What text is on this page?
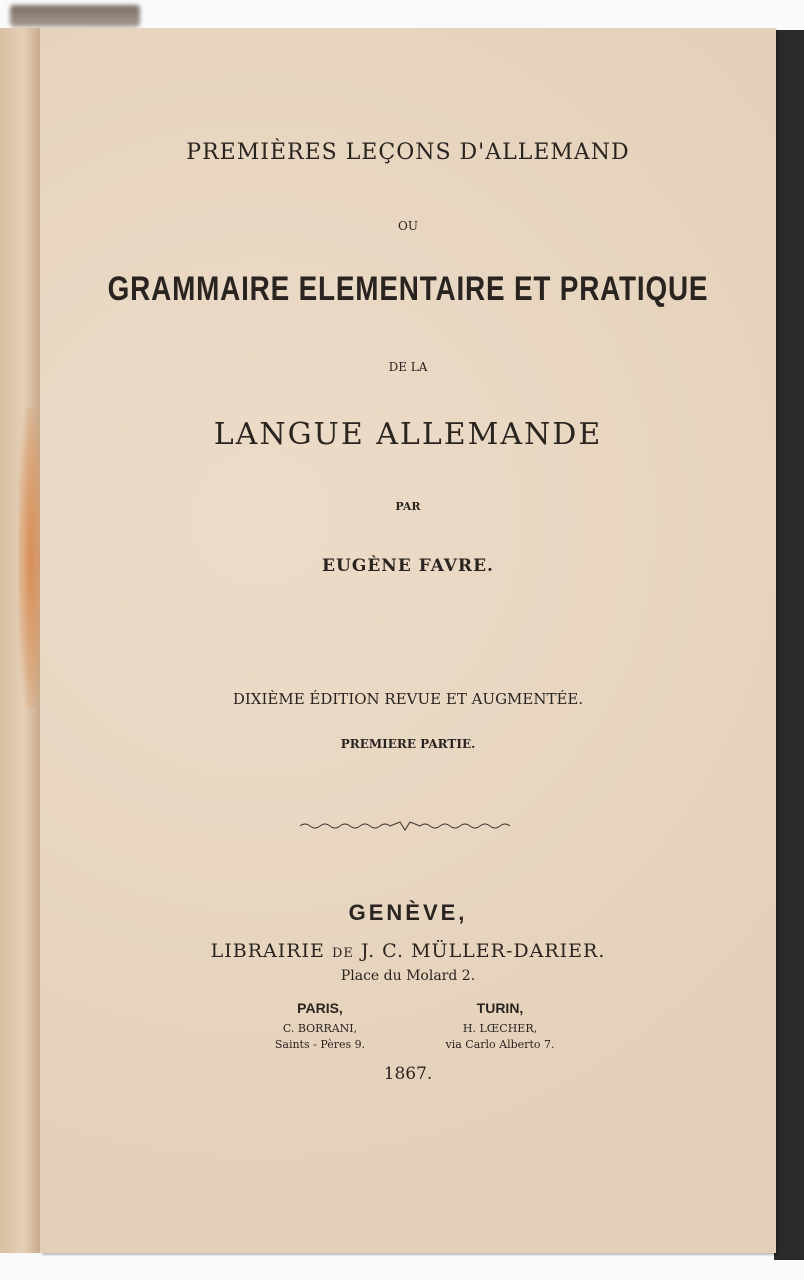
PREMIÈRES LEÇONS D'ALLEMAND
OU
GRAMMAIRE ELEMENTAIRE ET PRATIQUE
DE LA
LANGUE ALLEMANDE
PAR
EUGÈNE FAVRE.
DIXIÈME ÉDITION REVUE ET AUGMENTÉE.
PREMIERE PARTIE.
GENÈVE,
LIBRAIRIE DE J. C. MÜLLER-DARIER.
Place du Molard 2.
PARIS,
C. BORRANI,
Saints - Pères 9.
TURIN,
H. LŒCHER,
via Carlo Alberto 7.
1867.
